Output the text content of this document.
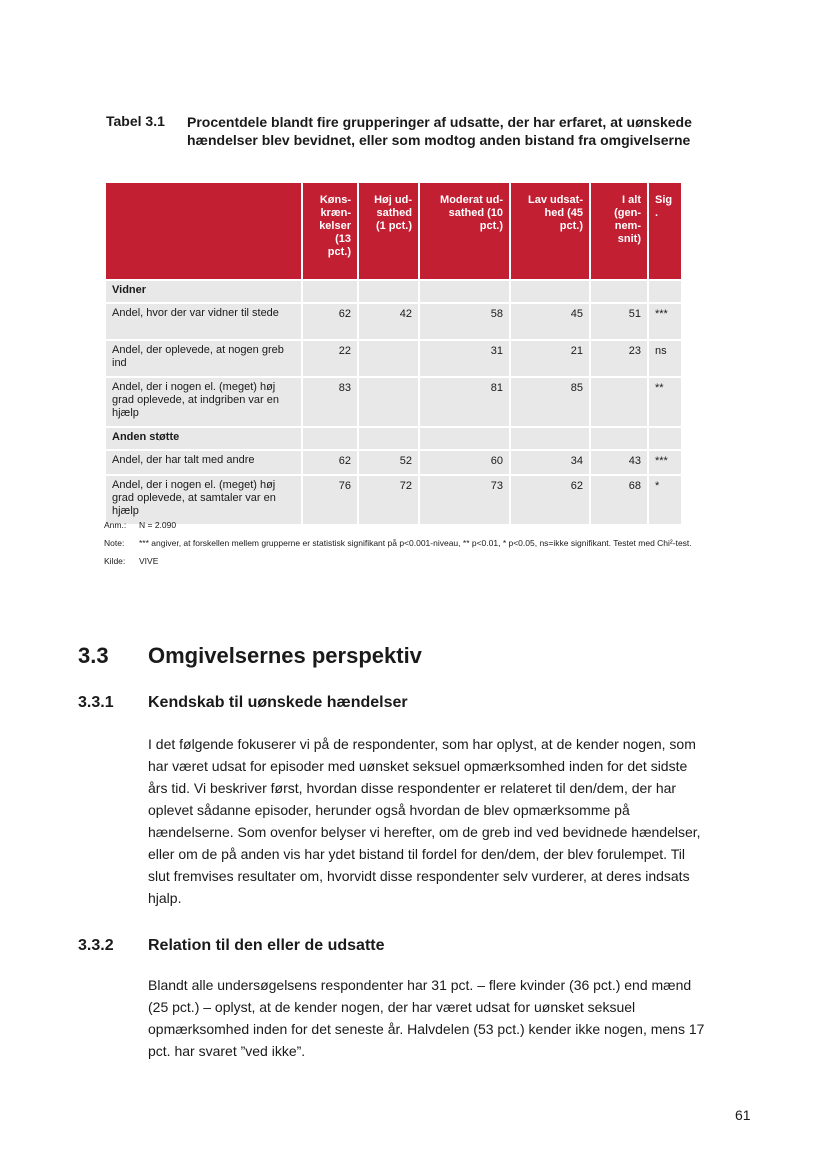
Tabel 3.1 Procentdele blandt fire grupperinger af udsatte, der har erfaret, at uønskede hændelser blev bevidnet, eller som modtog anden bistand fra omgivelserne
	Køns-
kræn-
kelser
(13
pct.)	Høj ud-
sathed
(1 pct.)	Moderat ud-
sathed (10
pct.)	Lav udsat-
hed (45
pct.)	I alt
(gen-
nem-
snit)	Sig
.
Vidner						
Andel, hvor der var vidner til stede	62	42	58	45	51	***
Andel, der oplevede, at nogen greb ind	22		31	21	23	ns
Andel, der i nogen el. (meget) høj grad oplevede, at indgriben var en hjælp	83		81	85		**
Anden støtte						
Andel, der har talt med andre	62	52	60	34	43	***
Andel, der i nogen el. (meget) høj grad oplevede, at samtaler var en hjælp	76	72	73	62	68	*
Anm.:	N = 2.090
Note:	*** angiver, at forskellen mellem grupperne er statistisk signifikant på p<0.001-niveau, ** p<0.01, * p<0.05, ns=ikke signifikant. Testet med Chi²-test.
Kilde:	VIVE
3.3 Omgivelsernes perspektiv
3.3.1 Kendskab til uønskede hændelser
I det følgende fokuserer vi på de respondenter, som har oplyst, at de kender nogen, som har været udsat for episoder med uønsket seksuel opmærksomhed inden for det sidste års tid. Vi beskriver først, hvordan disse respondenter er relateret til den/dem, der har oplevet sådanne episoder, herunder også hvordan de blev opmærksomme på hændelserne. Som ovenfor belyser vi herefter, om de greb ind ved bevidnede hændelser, eller om de på anden vis har ydet bistand til fordel for den/dem, der blev forulempet. Til slut fremvises resultater om, hvorvidt disse respondenter selv vurderer, at deres indsats hjalp.
3.3.2 Relation til den eller de udsatte
Blandt alle undersøgelsens respondenter har 31 pct. – flere kvinder (36 pct.) end mænd (25 pct.) – oplyst, at de kender nogen, der har været udsat for uønsket seksuel opmærksomhed inden for det seneste år. Halvdelen (53 pct.) kender ikke nogen, mens 17 pct. har svaret ”ved ikke”.
61
